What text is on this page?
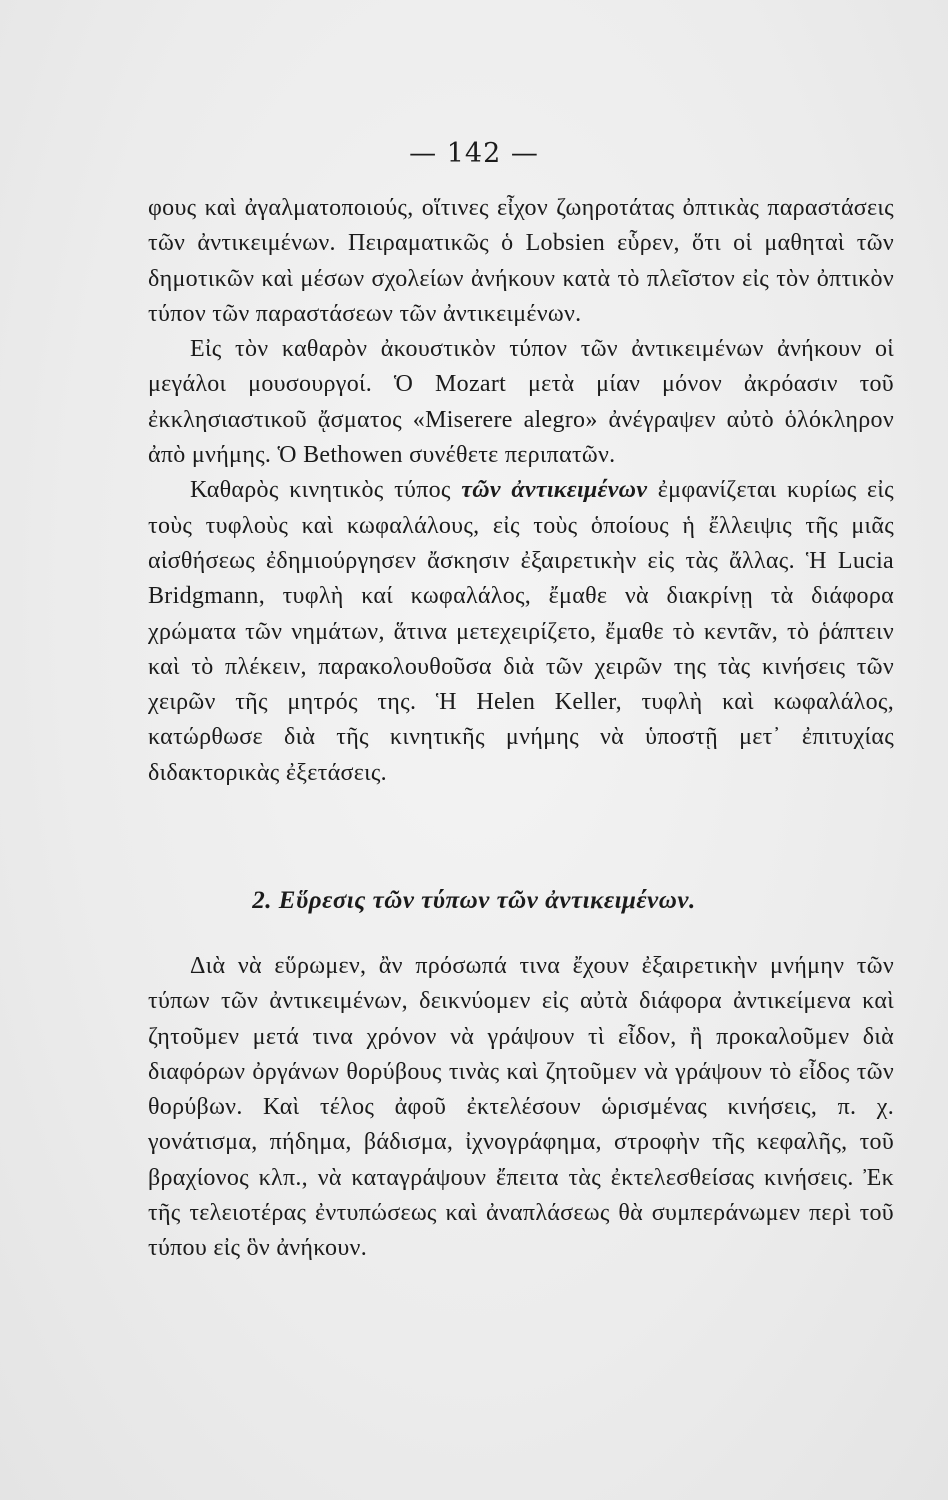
— 142 —

φους καὶ ἀγαλματοποιούς, οἵτινες εἶχον ζωηροτάτας ὀπτικὰς παραστάσεις τῶν ἀντικειμένων. Πειραματικῶς ὁ Lobsien εὗρεν, ὅτι οἱ μαθηταὶ τῶν δημοτικῶν καὶ μέσων σχολείων ἀνήκουν κατὰ τὸ πλεῖστον εἰς τὸν ὀπτικὸν τύπον τῶν παραστάσεων τῶν ἀντικειμένων.

Εἰς τὸν καθαρὸν ἀκουστικὸν τύπον τῶν ἀντικειμένων ἀνήκουν οἱ μεγάλοι μουσουργοί. Ὁ Mozart μετὰ μίαν μόνον ἀκρόασιν τοῦ ἐκκλησιαστικοῦ ᾄσματος «Miserere alegro» ἀνέγραψεν αὐτὸ ὁλόκληρον ἀπὸ μνήμης. Ὁ Bethowen συνέθετε περιπατῶν.

Καθαρὸς κινητικὸς τύπος τῶν ἀντικειμένων ἐμφανίζεται κυρίως εἰς τοὺς τυφλοὺς καὶ κωφαλάλους, εἰς τοὺς ὁποίους ἡ ἔλλειψις τῆς μιᾶς αἰσθήσεως ἐδημιούργησεν ἄσκησιν ἐξαιρετικὴν εἰς τὰς ἄλλας. Ἡ Lucia Bridgmann, τυφλὴ καί κωφαλάλος, ἔμαθε νὰ διακρίνῃ τὰ διάφορα χρώματα τῶν νημάτων, ἅτινα μετεχειρίζετο, ἔμαθε τὸ κεντᾶν, τὸ ῥάπτειν καὶ τὸ πλέκειν, παρακολουθοῦσα διὰ τῶν χειρῶν της τὰς κινήσεις τῶν χειρῶν τῆς μητρός της. Ἡ Helen Keller, τυφλὴ καὶ κωφαλάλος, κατώρθωσε διὰ τῆς κινητικῆς μνήμης νὰ ὑποστῇ μετ᾽ ἐπιτυχίας διδακτορικὰς ἐξετάσεις.

2. Εὕρεσις τῶν τύπων τῶν ἀντικειμένων.

Διὰ νὰ εὕρωμεν, ἂν πρόσωπά τινα ἔχουν ἐξαιρετικὴν μνήμην τῶν τύπων τῶν ἀντικειμένων, δεικνύομεν εἰς αὐτὰ διάφορα ἀντικείμενα καὶ ζητοῦμεν μετά τινα χρόνον νὰ γράψουν τὶ εἶδον, ἢ προκαλοῦμεν διὰ διαφόρων ὀργάνων θορύβους τινὰς καὶ ζητοῦμεν νὰ γράψουν τὸ εἶδος τῶν θορύβων. Καὶ τέλος ἀφοῦ ἐκτελέσουν ὡρισμένας κινήσεις, π. χ. γονάτισμα, πήδημα, βάδισμα, ἰχνογράφημα, στροφὴν τῆς κεφαλῆς, τοῦ βραχίονος κλπ., νὰ καταγράψουν ἔπειτα τὰς ἐκτελεσθείσας κινήσεις. Ἐκ τῆς τελειοτέρας ἐντυπώσεως καὶ ἀναπλάσεως θὰ συμπεράνωμεν περὶ τοῦ τύπου εἰς ὃν ἀνήκουν.
